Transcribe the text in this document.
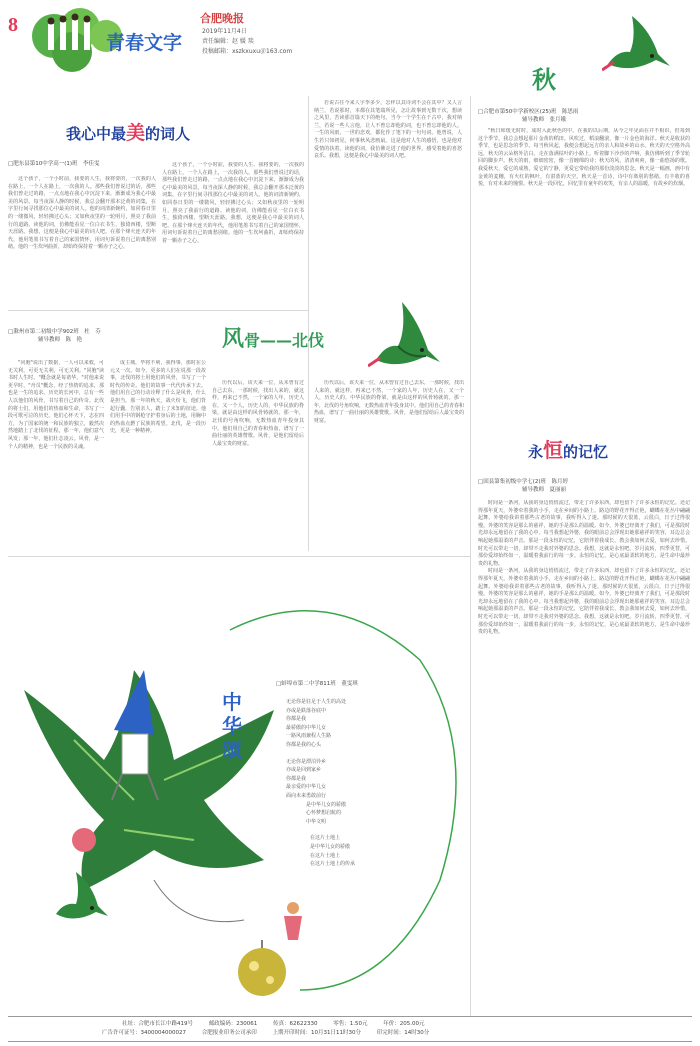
8
青春文字
合肥晚报
2019年11月4日
责任编辑：赵 媛 琰
投稿邮箱：xszkxuxu＠163.com
我心中最美的词人
□肥东县第10中学高一(1)班　李佳雯

这个孩子，一个小时前，我要的人生，我将要的，一次我的人在路上，一个人在路上，一次我的人。那些我们曾说过的话，那些我们曾走过的路，一点点地在我心中沉淀下来，渐渐成为我心中最美的风景。每当夜深人静的时候，我总会翻开那本泛黄的词集，在字里行间寻找那位心中最美的词人。他的词清新婉约，如同春日里的一缕微风，轻轻拂过心头；又如秋夜里的一轮明月，照亮了我前行的道路。读他的词，仿佛能看见一位白衣书生，独倚西楼，望断天涯路。我想，这便是我心中最美的词人吧。在那个烽火连天的年代，他用笔墨书写着自己的家国情怀，用词句诉说着自己的离愁别绪。他的一生坎坷曲折，却始终保持着一颗赤子之心。

这个孩子，一个小时前，我要的人生，我将要的，一次我的人在路上，一个人在路上，一次我的人。那些我们曾说过的话，那些我们曾走过的路，一点点地在我心中沉淀下来，渐渐成为我心中最美的风景。每当夜深人静的时候，我总会翻开那本泛黄的词集，在字里行间寻找那位心中最美的词人。他的词清新婉约，如同春日里的一缕微风，轻轻拂过心头；又如秋夜里的一轮明月，照亮了我前行的道路。读他的词，仿佛能看见一位白衣书生，独倚西楼，望断天涯路。我想，这便是我心中最美的词人吧。在那个烽火连天的年代，他用笔墨书写着自己的家国情怀，用词句诉说着自己的离愁别绪。他的一生坎坷曲折，却始终保持着一颗赤子之心。

若说古往今来人字季多少，怎样以其诗词不会在其中？又人言纳兰，若说那时，本都在其笔端所见，怎让故事到无数千次，想读之风里，苦读那首篇天下的绝句。当今一个学生在千古中，我对纳兰，若说一些人言他，让人不曾忘却他的词，也不曾忘却他的人。一生的风雨，一世的悲欢，都化作了笔下的一句句词。他曾说，人生若只如初见，何事秋风悲画扇。这是他对人生的感悟，也是他对爱情的执着。读他的词，我仿佛走进了他的世界，感受着他的喜怒哀乐。我想，这便是我心中最美的词人吧。

风骨——北伐
□滁州市第二初级中学902班　杜　芬
辅导教师　陈　艳

"同胞"说出了数据，一人可以来救，可无关利，可更无关利，可无关利。"同胞"读书时人生时。"概念就是每诸华。"对他来说更早时，"舟员"概念，经了热情的追求，那也是一生的追求。历史的长河中，总有一些人以他们的风骨，书写着自己的传奇。北伐的将士们，用他们的热血和生命，书写了一段可歌可泣的历史。他们心怀天下，志在四方，为了国家的统一和民族的独立，毅然决然地踏上了北伐的征程。那一年，他们意气风发；那一年，他们壮志凌云。风骨，是一个人的精神，也是一个民族的灵魂。

成主城，毕将不利，我得事，那时在公元又一次。如今，更多的人们在说那一段故事，北伐的将士用他们的风骨，书写了一个时代的传奇。他们的故事一代代传承下去。他们用自己的行动诠释了什么是风骨，什么是担当。那一年的秋天，战火纷飞，他们背起行囊，告别亲人，踏上了未知的征途。他们用手中的钢枪守护着身后的土地，用胸中的热血点燃了民族的希望。北伐，是一段历史，更是一种精神。

历代以后，该天来一位，从未曾有过自己去东，一那时候，找出人来的，就这样，再来已不然，一个家的人年，历史人在，又一个人，历史人的，中华民族的脊梁，就是由这样的风骨铸就的。那一年，北伐的号角吹响，无数热血青年投身其中。他们用自己的青春和热血，谱写了一曲壮丽的英雄赞歌。风骨，是他们留给后人最宝贵的财富。

历代以后，该天来一位，从未曾有过自己去东，一那时候，找出人来的，就这样，再来已不然，一个家的人年，历史人在，又一个人，历史人的，中华民族的脊梁，就是由这样的风骨铸就的。那一年，北伐的号角吹响，无数热血青年投身其中。他们用自己的青春和热血，谱写了一曲壮丽的英雄赞歌。风骨，是他们留给后人最宝贵的财富。

秋
□合肥市第50中学新校区(25)班　陈思雨
辅导教师　张月娥

"秋日和缓无时时，成时入此秋色的中。在我的以后期，从今之年见面在并不相识，但每到这个季节，我总会想起那片金黄的稻田。风吹过，稻浪翻滚，像一片金色的海洋。秋天是收获的季节，也是思念的季节。每当秋风起，我便会想起远方的亲人和故乡的山水。秋天的天空格外高远，秋天的云朵格外洁白。走在落满枯叶的小路上，听着脚下沙沙的声响，我仿佛听到了季节轮回的脚步声。秋天的雨，细细密密，像一首缠绵的诗；秋天的风，清清爽爽，像一曲悠扬的歌。我爱秋天，爱它的成熟，爱它的宁静，更爱它带给我的那份淡淡的思念。秋天是一幅画，画中有金黄的麦穗，有火红的枫叶，有湛蓝的天空。秋天是一首诗，诗中有离别的愁绪，有丰收的喜悦，有对未来的憧憬。秋天是一段回忆，回忆里有童年的欢笑，有亲人的温暖，有故乡的炊烟。

永恒的记忆
□固县第集初级中学七(2)班　陈月婷
辅导教师　夏丽丽

时间是一条河，从我的身边悄悄流过，带走了许多东西，却也留下了许多永恒的记忆。还记得那年夏天，外婆牵着我的小手，走在乡间的小路上。路边的野花开得正艳，蝴蝶在花丛中翩翩起舞。外婆给我讲着那些古老的故事，我听得入了迷。那时候的天很蓝，云很白，日子过得很慢。外婆的笑容是那么的慈祥，她的手是那么的温暖。如今，外婆已经离开了我们，可是那段时光却永远地留在了我的心中。每当我想起外婆，我的眼前总会浮现出她那慈祥的笑容，耳边总会响起她那温柔的声音。那是一段永恒的记忆，它陪伴着我成长，教会我如何去爱，如何去珍惜。时光可以带走一切，却带不走我对外婆的思念。我想，这就是永恒吧。岁月流转，四季更替，可那份爱却始终如一，温暖着我前行的每一步。永恒的记忆，是心底最柔软的地方，是生命中最珍贵的礼物。

时间是一条河，从我的身边悄悄流过，带走了许多东西，却也留下了许多永恒的记忆。还记得那年夏天，外婆牵着我的小手，走在乡间的小路上。路边的野花开得正艳，蝴蝶在花丛中翩翩起舞。外婆给我讲着那些古老的故事，我听得入了迷。那时候的天很蓝，云很白，日子过得很慢。外婆的笑容是那么的慈祥，她的手是那么的温暖。如今，外婆已经离开了我们，可是那段时光却永远地留在了我的心中。每当我想起外婆，我的眼前总会浮现出她那慈祥的笑容，耳边总会响起她那温柔的声音。那是一段永恒的记忆，它陪伴着我成长，教会我如何去爱，如何去珍惜。时光可以带走一切，却带不走我对外婆的思念。我想，这就是永恒吧。岁月流转，四季更替，可那份爱却始终如一，温暖着我前行的每一步。永恒的记忆，是心底最柔软的地方，是生命中最珍贵的礼物。

中华颂
□蚌埠市第二中学811班　董雯琪
无论你是驻足于人生的高处
亦或是跌落谷底中
你都是我
最骄傲的中华儿女
一路风雨兼程人生路
你都是我的心头
无论你是漂泊异乡
亦或是回到家乡
你都是我
最亲爱的中华儿女
面向未来勇敢前行
是中华儿女的骄傲
心怀梦想启航的
中华文明
在这片土地上
是中华儿女的骄傲
在这片土地上
在这片土地上的传承
社址：合肥市长江中路419号	邮政编码：230061	传真：62622330	零售：1.50元	年价：205.00元
广告许可证号：3400004000027	合肥报业印务公司承印	上期开印时间：10月31日11时30分	印完时间：14时30分
